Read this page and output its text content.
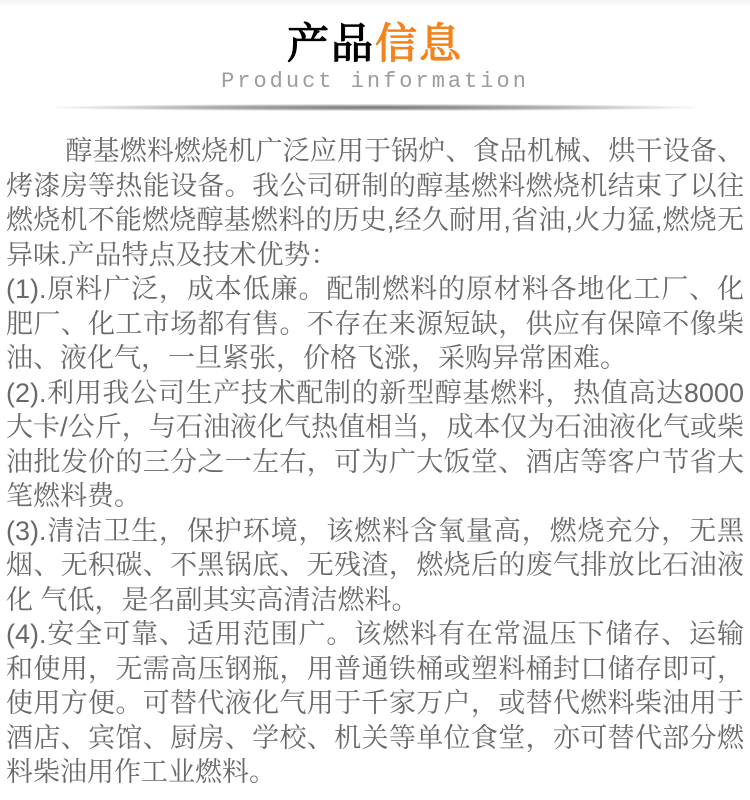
产品信息
Product information

醇基燃料燃烧机广泛应用于锅炉、食品机械、烘干设备、烤漆房等热能设备。我公司研制的醇基燃料燃烧机结束了以往燃烧机不能燃烧醇基燃料的历史,经久耐用,省油,火力猛,燃烧无异味.产品特点及技术优势：

(1).原料广泛，成本低廉。配制燃料的原材料各地化工厂、化肥厂、化工市场都有售。不存在来源短缺，供应有保障不像柴油、液化气，一旦紧张，价格飞涨，采购异常困难。

(2).利用我公司生产技术配制的新型醇基燃料，热值高达8000大卡/公斤，与石油液化气热值相当，成本仅为石油液化气或柴油批发价的三分之一左右，可为广大饭堂、酒店等客户节省大笔燃料费。

(3).清洁卫生，保护环境，该燃料含氧量高，燃烧充分，无黑烟、无积碳、不黑锅底、无残渣，燃烧后的废气排放比石油液化 气低，是名副其实高清洁燃料。

(4).安全可靠、适用范围广。该燃料有在常温压下储存、运输和使用，无需高压钢瓶，用普通铁桶或塑料桶封口储存即可， 使用方便。可替代液化气用于千家万户，或替代燃料柴油用于酒店、宾馆、厨房、学校、机关等单位食堂，亦可替代部分燃料柴油用作工业燃料。
